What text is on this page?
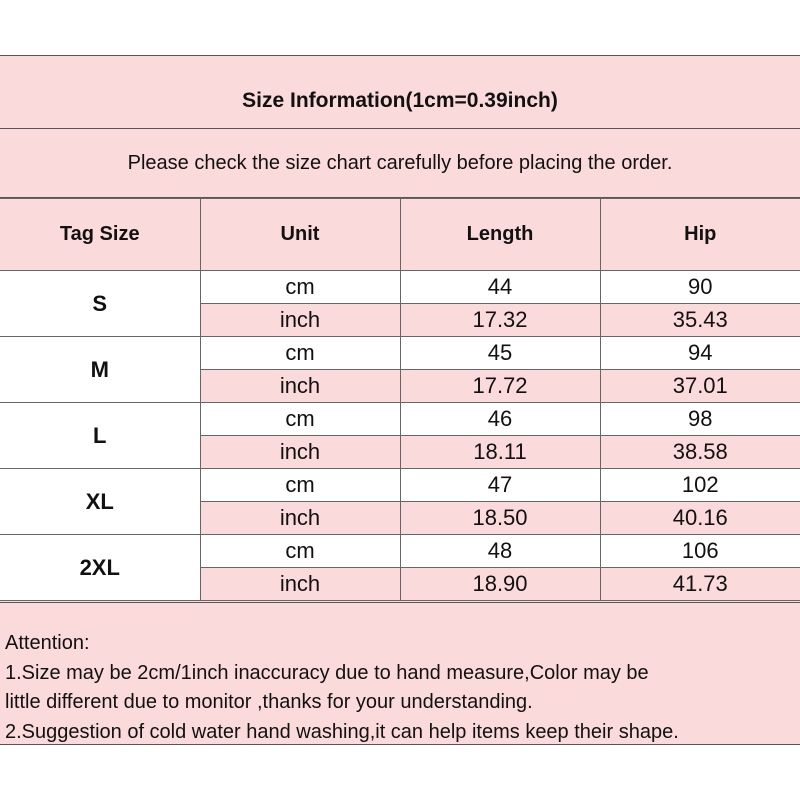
Size Information(1cm=0.39inch)
Please check the size chart carefully before placing the order.
Tag Size	Unit	Length	Hip
S	cm	44	90
	inch	17.32	35.43
M	cm	45	94
	inch	17.72	37.01
L	cm	46	98
	inch	18.11	38.58
XL	cm	47	102
	inch	18.50	40.16
2XL	cm	48	106
	inch	18.90	41.73
Attention:
1.Size may be 2cm/1inch inaccuracy due to hand measure,Color may be
little different due to monitor ,thanks for your understanding.
2.Suggestion of cold water hand washing,it can help items keep their shape.
